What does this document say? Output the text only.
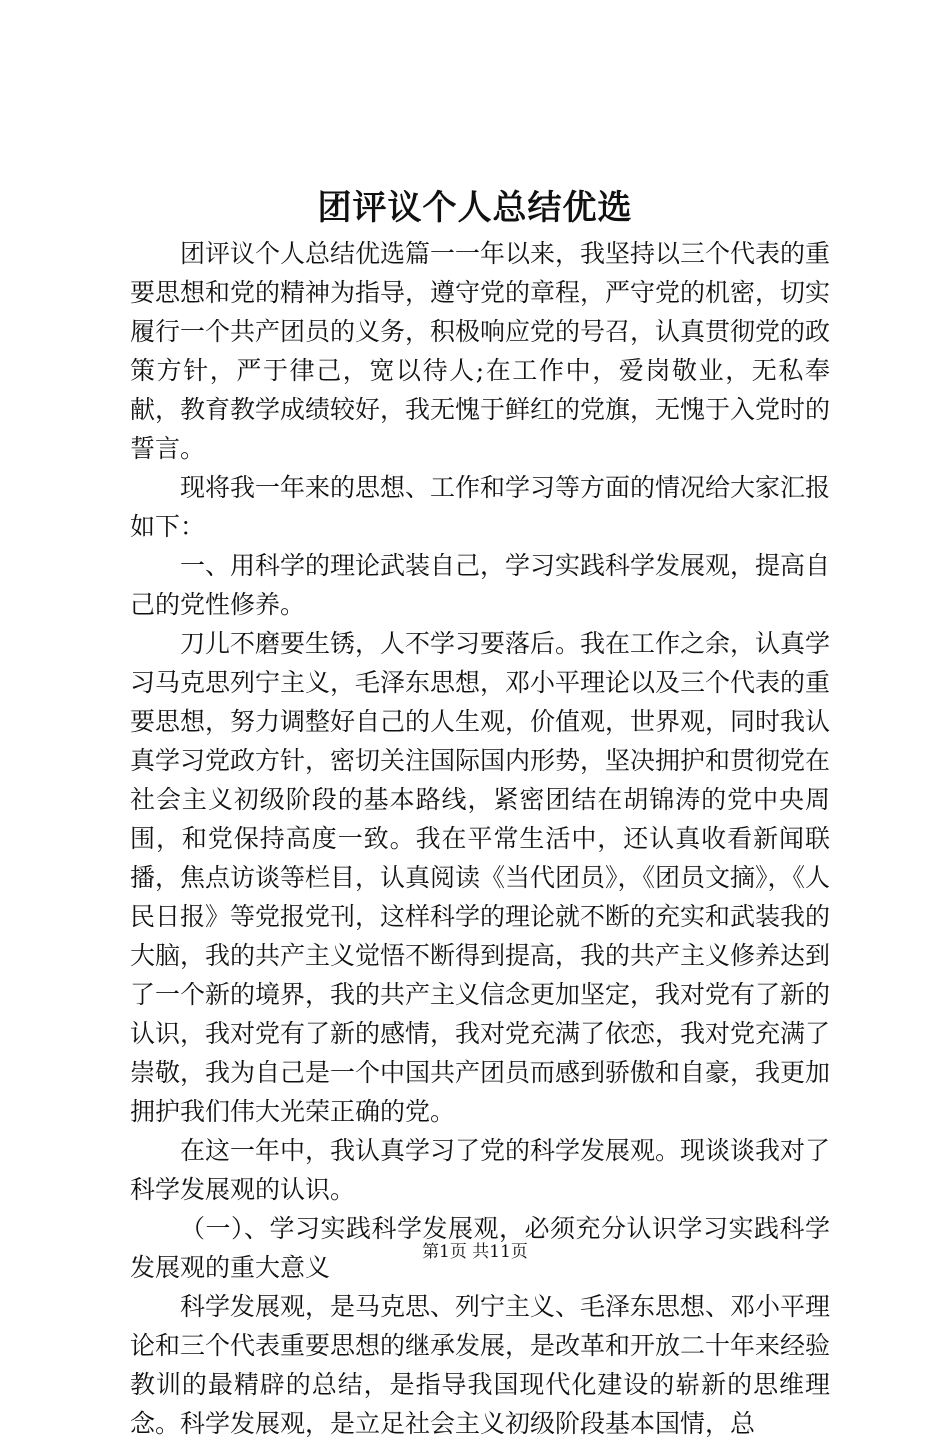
团评议个人总结优选

团评议个人总结优选篇一一年以来，我坚持以三个代表的重要思想和党的精神为指导，遵守党的章程，严守党的机密，切实履行一个共产团员的义务，积极响应党的号召，认真贯彻党的政策方针，严于律己，宽以待人;在工作中，爱岗敬业，无私奉献，教育教学成绩较好，我无愧于鲜红的党旗，无愧于入党时的誓言。

现将我一年来的思想、工作和学习等方面的情况给大家汇报如下：

一、用科学的理论武装自己，学习实践科学发展观，提高自己的党性修养。

刀儿不磨要生锈，人不学习要落后。我在工作之余，认真学习马克思列宁主义，毛泽东思想，邓小平理论以及三个代表的重要思想，努力调整好自己的人生观，价值观，世界观，同时我认真学习党政方针，密切关注国际国内形势，坚决拥护和贯彻党在社会主义初级阶段的基本路线，紧密团结在胡锦涛的党中央周围，和党保持高度一致。我在平常生活中，还认真收看新闻联播，焦点访谈等栏目，认真阅读《当代团员》，《团员文摘》，《人民日报》等党报党刊，这样科学的理论就不断的充实和武装我的大脑，我的共产主义觉悟不断得到提高，我的共产主义修养达到了一个新的境界，我的共产主义信念更加坚定，我对党有了新的认识，我对党有了新的感情，我对党充满了依恋，我对党充满了崇敬，我为自己是一个中国共产团员而感到骄傲和自豪，我更加拥护我们伟大光荣正确的党。

在这一年中，我认真学习了党的科学发展观。现谈谈我对了科学发展观的认识。

（一）、学习实践科学发展观，必须充分认识学习实践科学发展观的重大意义

科学发展观，是马克思、列宁主义、毛泽东思想、邓小平理论和三个代表重要思想的继承发展，是改革和开放二十年来经验教训的最精辟的总结，是指导我国现代化建设的崭新的思维理念。科学发展观，是立足社会主义初级阶段基本国情，总

第1页 共11页
